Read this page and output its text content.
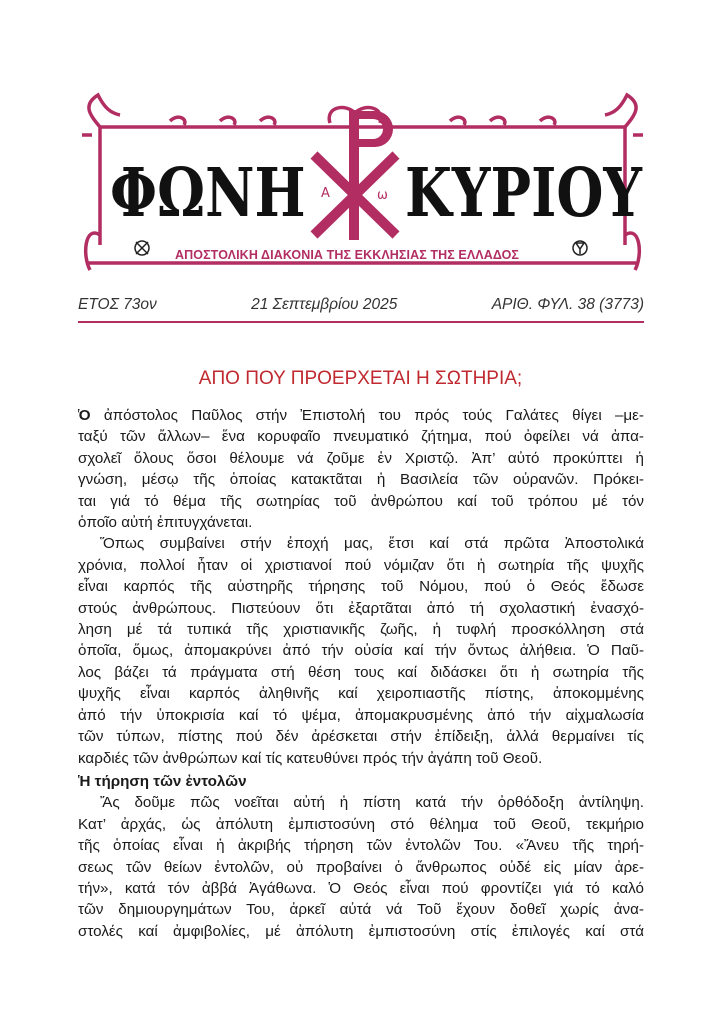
Α	ω
ΦΩΝΗ ΚΥΡΙΟΥ
ΑΠΟΣΤΟΛΙΚΗ ΔΙΑΚΟΝΙΑ ΤΗΣ ΕΚΚΛΗΣΙΑΣ ΤΗΣ ΕΛΛΑΔΟΣ
ΕΤΟΣ 73ον	21 Σεπτεμβρίου 2025	ΑΡΙΘ. ΦΥΛ. 38 (3773)
ΑΠΟ ΠΟΥ ΠΡΟΕΡΧΕΤΑΙ Η ΣΩΤΗΡΙΑ;
Ὁ ἀπόστολος Παῦλος στήν Ἐπιστολή του πρός τούς Γαλάτες θίγει –με-
ταξύ τῶν ἄλλων– ἕνα κορυφαῖο πνευματικό ζήτημα, πού ὀφείλει νά ἀπα-
σχολεῖ ὅλους ὅσοι θέλουμε νά ζοῦμε ἐν Χριστῷ. Ἀπ’ αὐτό προκύπτει ἡ
γνώση, μέσῳ τῆς ὁποίας κατακτᾶται ἡ Βασιλεία τῶν οὐρανῶν. Πρόκει-
ται γιά τό θέμα τῆς σωτηρίας τοῦ ἀνθρώπου καί τοῦ τρόπου μέ τόν
ὁποῖο αὐτή ἐπιτυγχάνεται.
Ὅπως συμβαίνει στήν ἐποχή μας, ἔτσι καί στά πρῶτα Ἀποστολικά
χρόνια, πολλοί ἦταν οἱ χριστιανοί πού νόμιζαν ὅτι ἡ σωτηρία τῆς ψυχῆς
εἶναι καρπός τῆς αὐστηρῆς τήρησης τοῦ Νόμου, πού ὁ Θεός ἔδωσε
στούς ἀνθρώπους. Πιστεύουν ὅτι ἐξαρτᾶται ἀπό τή σχολαστική ἐνασχό-
ληση μέ τά τυπικά τῆς χριστιανικῆς ζωῆς, ἡ τυφλή προσκόλληση στά
ὁποῖα, ὅμως, ἀπομακρύνει ἀπό τήν οὐσία καί τήν ὄντως ἀλήθεια. Ὁ Παῦ-
λος βάζει τά πράγματα στή θέση τους καί διδάσκει ὅτι ἡ σωτηρία τῆς
ψυχῆς εἶναι καρπός ἀληθινῆς καί χειροπιαστῆς πίστης, ἀποκομμένης
ἀπό τήν ὑποκρισία καί τό ψέμα, ἀπομακρυσμένης ἀπό τήν αἰχμαλωσία
τῶν τύπων, πίστης πού δέν ἀρέσκεται στήν ἐπίδειξη, ἀλλά θερμαίνει τίς
καρδιές τῶν ἀνθρώπων καί τίς κατευθύνει πρός τήν ἀγάπη τοῦ Θεοῦ.
Ἡ τήρηση τῶν ἐντολῶν
Ἄς δοῦμε πῶς νοεῖται αὐτή ἡ πίστη κατά τήν ὀρθόδοξη ἀντίληψη.
Κατ’ ἀρχάς, ὡς ἀπόλυτη ἐμπιστοσύνη στό θέλημα τοῦ Θεοῦ, τεκμήριο
τῆς ὁποίας εἶναι ἡ ἀκριβής τήρηση τῶν ἐντολῶν Του. «Ἄνευ τῆς τηρή-
σεως τῶν θείων ἐντολῶν, οὐ προβαίνει ὁ ἄνθρωπος οὐδέ εἰς μίαν ἀρε-
τήν», κατά τόν ἀββά Ἀγάθωνα. Ὁ Θεός εἶναι πού φροντίζει γιά τό καλό
τῶν δημιουργημάτων Του, ἀρκεῖ αὐτά νά Τοῦ ἔχουν δοθεῖ χωρίς ἀνα-
στολές καί ἀμφιβολίες, μέ ἀπόλυτη ἐμπιστοσύνη στίς ἐπιλογές καί στά
